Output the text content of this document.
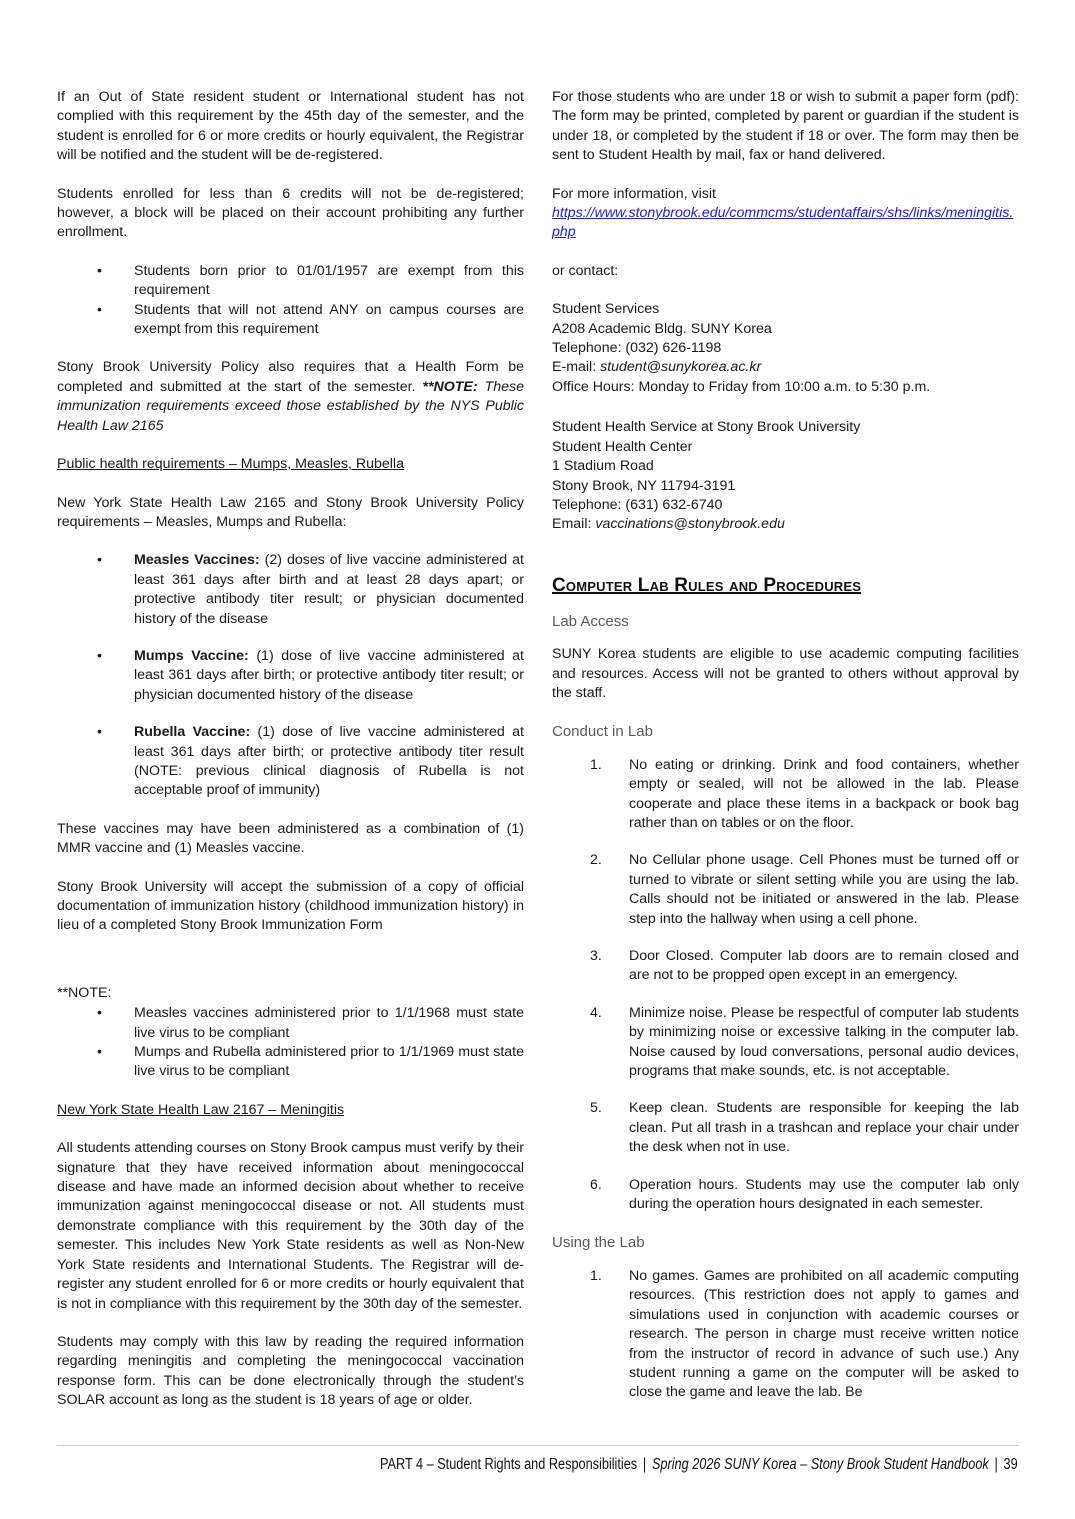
If an Out of State resident student or International student has not complied with this requirement by the 45th day of the semester, and the student is enrolled for 6 or more credits or hourly equivalent, the Registrar will be notified and the student will be de-registered.

Students enrolled for less than 6 credits will not be de-registered; however, a block will be placed on their account prohibiting any further enrollment.

• Students born prior to 01/01/1957 are exempt from this requirement
• Students that will not attend ANY on campus courses are exempt from this requirement

Stony Brook University Policy also requires that a Health Form be completed and submitted at the start of the semester. **NOTE: These immunization requirements exceed those established by the NYS Public Health Law 2165

Public health requirements – Mumps, Measles, Rubella

New York State Health Law 2165 and Stony Brook University Policy requirements – Measles, Mumps and Rubella:

• Measles Vaccines: (2) doses of live vaccine administered at least 361 days after birth and at least 28 days apart; or protective antibody titer result; or physician documented history of the disease
• Mumps Vaccine: (1) dose of live vaccine administered at least 361 days after birth; or protective antibody titer result; or physician documented history of the disease
• Rubella Vaccine: (1) dose of live vaccine administered at least 361 days after birth; or protective antibody titer result (NOTE: previous clinical diagnosis of Rubella is not acceptable proof of immunity)

These vaccines may have been administered as a combination of (1) MMR vaccine and (1) Measles vaccine.

Stony Brook University will accept the submission of a copy of official documentation of immunization history (childhood immunization history) in lieu of a completed Stony Brook Immunization Form

**NOTE:

• Measles vaccines administered prior to 1/1/1968 must state live virus to be compliant
• Mumps and Rubella administered prior to 1/1/1969 must state live virus to be compliant

New York State Health Law 2167 – Meningitis

All students attending courses on Stony Brook campus must verify by their signature that they have received information about meningococcal disease and have made an informed decision about whether to receive immunization against meningococcal disease or not. All students must demonstrate compliance with this requirement by the 30th day of the semester. This includes New York State residents as well as Non-New York State residents and International Students. The Registrar will de-register any student enrolled for 6 or more credits or hourly equivalent that is not in compliance with this requirement by the 30th day of the semester.

Students may comply with this law by reading the required information regarding meningitis and completing the meningococcal vaccination response form. This can be done electronically through the student’s SOLAR account as long as the student is 18 years of age or older.

For those students who are under 18 or wish to submit a paper form (pdf): The form may be printed, completed by parent or guardian if the student is under 18, or completed by the student if 18 or over. The form may then be sent to Student Health by mail, fax or hand delivered.

For more information, visit
https://www.stonybrook.edu/commcms/studentaffairs/shs/links/meningitis.php

or contact:

Student Services
A208 Academic Bldg. SUNY Korea
Telephone: (032) 626-1198
E-mail: student@sunykorea.ac.kr
Office Hours: Monday to Friday from 10:00 a.m. to 5:30 p.m.
Student Health Service at Stony Brook University
Student Health Center
1 Stadium Road
Stony Brook, NY 11794-3191
Telephone: (631) 632-6740
Email: vaccinations@stonybrook.edu
Computer Lab Rules and Procedures

Lab Access

SUNY Korea students are eligible to use academic computing facilities and resources. Access will not be granted to others without approval by the staff.

Conduct in Lab

No eating or drinking. Drink and food containers, whether empty or sealed, will not be allowed in the lab. Please cooperate and place these items in a backpack or book bag rather than on tables or on the floor.
No Cellular phone usage. Cell Phones must be turned off or turned to vibrate or silent setting while you are using the lab. Calls should not be initiated or answered in the lab. Please step into the hallway when using a cell phone.
Door Closed. Computer lab doors are to remain closed and are not to be propped open except in an emergency.
Minimize noise. Please be respectful of computer lab students by minimizing noise or excessive talking in the computer lab. Noise caused by loud conversations, personal audio devices, programs that make sounds, etc. is not acceptable.
Keep clean. Students are responsible for keeping the lab clean. Put all trash in a trashcan and replace your chair under the desk when not in use.
Operation hours. Students may use the computer lab only during the operation hours designated in each semester.

Using the Lab

No games. Games are prohibited on all academic computing resources. (This restriction does not apply to games and simulations used in conjunction with academic courses or research. The person in charge must receive written notice from the instructor of record in advance of such use.) Any student running a game on the computer will be asked to close the game and leave the lab. Be
PART 4 – Student Rights and Responsibilities | Spring 2026 SUNY Korea – Stony Brook Student Handbook | 39
